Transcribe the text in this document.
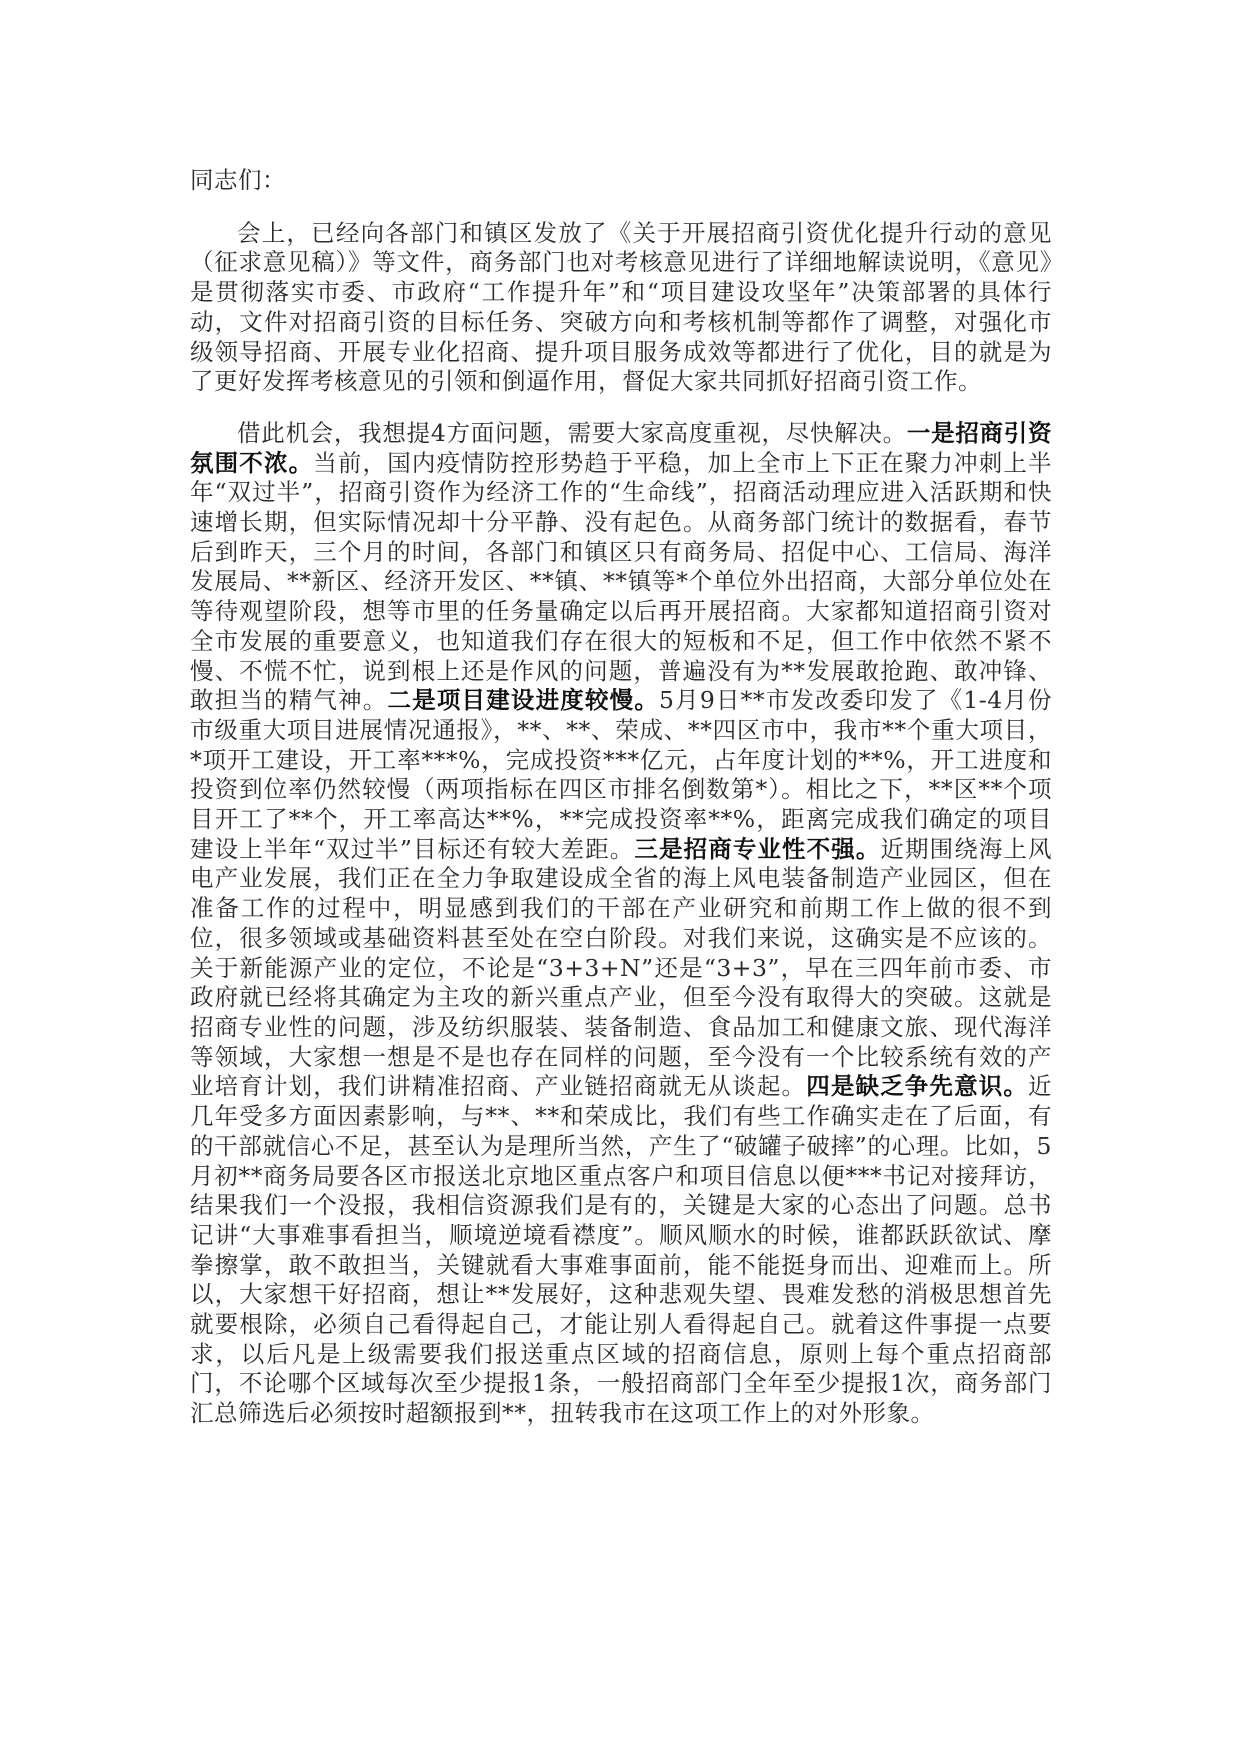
同志们：

会上，已经向各部门和镇区发放了《关于开展招商引资优化提升行动的意见（征求意见稿）》等文件，商务部门也对考核意见进行了详细地解读说明，《意见》是贯彻落实市委、市政府“工作提升年”和“项目建设攻坚年”决策部署的具体行动，文件对招商引资的目标任务、突破方向和考核机制等都作了调整，对强化市级领导招商、开展专业化招商、提升项目服务成效等都进行了优化，目的就是为了更好发挥考核意见的引领和倒逼作用，督促大家共同抓好招商引资工作。

借此机会，我想提4方面问题，需要大家高度重视，尽快解决。一是招商引资氛围不浓。当前，国内疫情防控形势趋于平稳，加上全市上下正在聚力冲刺上半年“双过半”，招商引资作为经济工作的“生命线”，招商活动理应进入活跃期和快速增长期，但实际情况却十分平静、没有起色。从商务部门统计的数据看，春节后到昨天，三个月的时间，各部门和镇区只有商务局、招促中心、工信局、海洋发展局、**新区、经济开发区、**镇、**镇等*个单位外出招商，大部分单位处在等待观望阶段，想等市里的任务量确定以后再开展招商。大家都知道招商引资对全市发展的重要意义，也知道我们存在很大的短板和不足，但工作中依然不紧不慢、不慌不忙，说到根上还是作风的问题，普遍没有为**发展敢抢跑、敢冲锋、敢担当的精气神。二是项目建设进度较慢。5月9日**市发改委印发了《1-4月份市级重大项目进展情况通报》，**、**、荣成、**四区市中，我市**个重大项目，*项开工建设，开工率***%，完成投资***亿元，占年度计划的**%，开工进度和投资到位率仍然较慢（两项指标在四区市排名倒数第*）。相比之下，**区**个项目开工了**个，开工率高达**%，**完成投资率**%，距离完成我们确定的项目建设上半年“双过半”目标还有较大差距。三是招商专业性不强。近期围绕海上风电产业发展，我们正在全力争取建设成全省的海上风电装备制造产业园区，但在准备工作的过程中，明显感到我们的干部在产业研究和前期工作上做的很不到位，很多领域或基础资料甚至处在空白阶段。对我们来说，这确实是不应该的。关于新能源产业的定位，不论是“3+3+N”还是“3+3”，早在三四年前市委、市政府就已经将其确定为主攻的新兴重点产业，但至今没有取得大的突破。这就是招商专业性的问题，涉及纺织服装、装备制造、食品加工和健康文旅、现代海洋等领域，大家想一想是不是也存在同样的问题，至今没有一个比较系统有效的产业培育计划，我们讲精准招商、产业链招商就无从谈起。四是缺乏争先意识。近几年受多方面因素影响，与**、**和荣成比，我们有些工作确实走在了后面，有的干部就信心不足，甚至认为是理所当然，产生了“破罐子破摔”的心理。比如，5月初**商务局要各区市报送北京地区重点客户和项目信息以便***书记对接拜访，结果我们一个没报，我相信资源我们是有的，关键是大家的心态出了问题。总书记讲“大事难事看担当，顺境逆境看襟度”。顺风顺水的时候，谁都跃跃欲试、摩拳擦掌，敢不敢担当，关键就看大事难事面前，能不能挺身而出、迎难而上。所以，大家想干好招商，想让**发展好，这种悲观失望、畏难发愁的消极思想首先就要根除，必须自己看得起自己，才能让别人看得起自己。就着这件事提一点要求，以后凡是上级需要我们报送重点区域的招商信息，原则上每个重点招商部门，不论哪个区域每次至少提报1条，一般招商部门全年至少提报1次，商务部门汇总筛选后必须按时超额报到**，扭转我市在这项工作上的对外形象。
